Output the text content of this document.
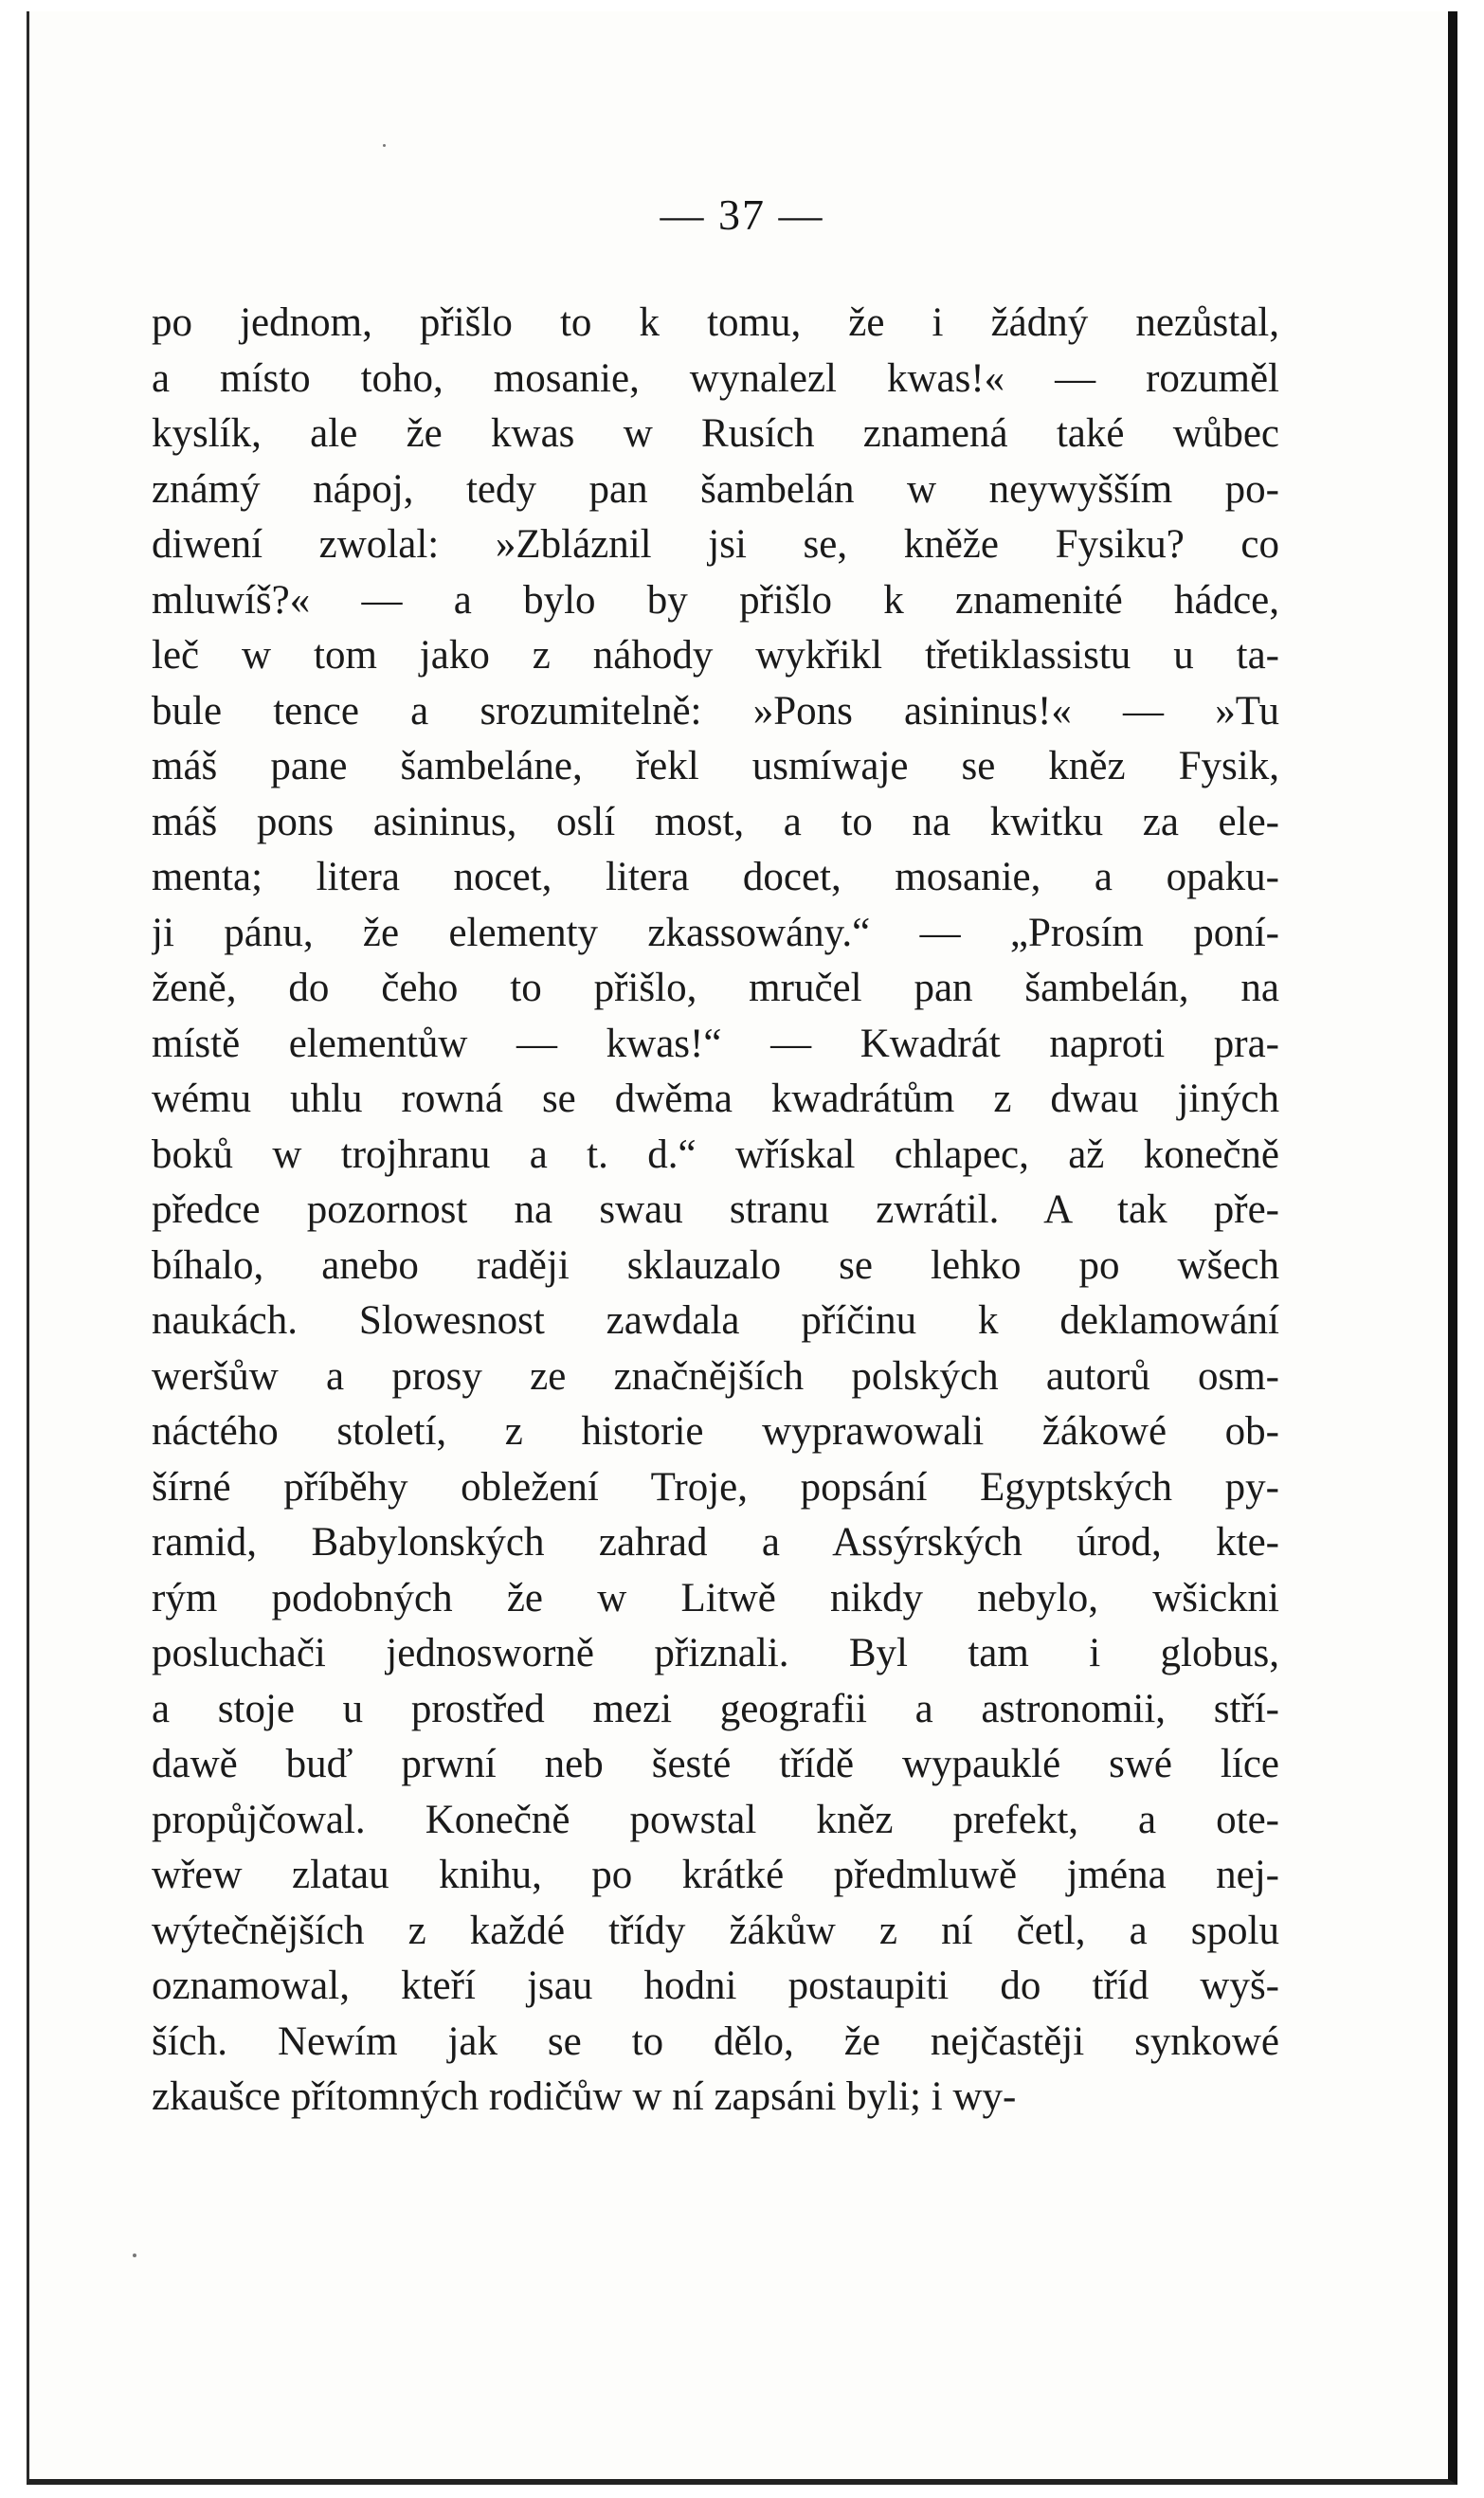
— 37 —
po jednom, přišlo to k tomu, že i žádný nezůstal,
a místo toho, mosanie, wynalezl kwas!« — rozuměl
kyslík, ale že kwas w Rusích znamená také wůbec
známý nápoj, tedy pan šambelán w neywyšším po-
diwení zwolal: »Zbláznil jsi se, kněže Fysiku? co
mluwíš?« — a bylo by přišlo k znamenité hádce,
leč w tom jako z náhody wykřikl třetiklassistu u ta-
bule tence a srozumitelně: »Pons asininus!« — »Tu
máš pane šambeláne, řekl usmíwaje se kněz Fysik,
máš pons asininus, oslí most, a to na kwitku za ele-
menta; litera nocet, litera docet, mosanie, a opaku-
ji pánu, že elementy zkassowány.“ — „Prosím poní-
ženě, do čeho to přišlo, mručel pan šambelán, na
místě elementůw — kwas!“ — Kwadrát naproti pra-
wému uhlu rowná se dwěma kwadrátům z dwau jiných
boků w trojhranu a t. d.“ wřískal chlapec, až konečně
předce pozornost na swau stranu zwrátil. A tak pře-
bíhalo, anebo raději sklauzalo se lehko po wšech
naukách. Slowesnost zawdala příčinu k deklamowání
weršůw a prosy ze značnějších polských autorů osm-
náctého století, z historie wyprawowali žákowé ob-
šírné příběhy obležení Troje, popsání Egyptských py-
ramid, Babylonských zahrad a Assýrských úrod, kte-
rým podobných že w Litwě nikdy nebylo, wšickni
posluchači jednosworně přiznali. Byl tam i globus,
a stoje u prostřed mezi geografii a astronomii, stří-
dawě buď prwní neb šesté třídě wypauklé swé líce
propůjčowal. Konečně powstal kněz prefekt, a ote-
wřew zlatau knihu, po krátké předmluwě jména nej-
wýtečnějších z každé třídy žákůw z ní četl, a spolu
oznamowal, kteří jsau hodni postaupiti do tříd wyš-
ších. Newím jak se to dělo, že nejčastěji synkowé
zkaušce přítomných rodičůw w ní zapsáni byli; i wy-
